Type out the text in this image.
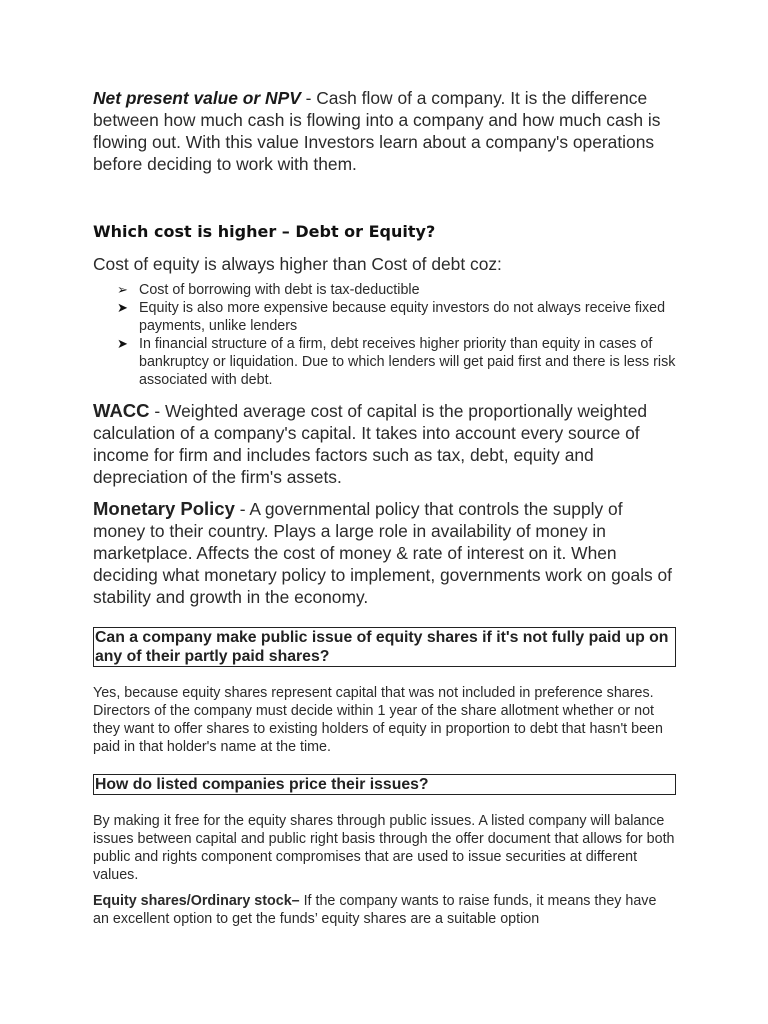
Net present value or NPV - Cash flow of a company. It is the difference between how much cash is flowing into a company and how much cash is flowing out. With this value Investors learn about a company's operations before deciding to work with them.

Which cost is higher – Debt or Equity?

Cost of equity is always higher than Cost of debt coz:

➢ Cost of borrowing with debt is tax-deductible
➤ Equity is also more expensive because equity investors do not always receive fixed payments, unlike lenders
➤ In financial structure of a firm, debt receives higher priority than equity in cases of bankruptcy or liquidation. Due to which lenders will get paid first and there is less risk associated with debt.

WACC - Weighted average cost of capital is the proportionally weighted calculation of a company's capital. It takes into account every source of income for firm and includes factors such as tax, debt, equity and depreciation of the firm's assets.

Monetary Policy - A governmental policy that controls the supply of money to their country. Plays a large role in availability of money in marketplace. Affects the cost of money & rate of interest on it. When deciding what monetary policy to implement, governments work on goals of stability and growth in the economy.

Can a company make public issue of equity shares if it's not fully paid up on any of their partly paid shares?

Yes, because equity shares represent capital that was not included in preference shares. Directors of the company must decide within 1 year of the share allotment whether or not they want to offer shares to existing holders of equity in proportion to debt that hasn't been paid in that holder's name at the time.

How do listed companies price their issues?

By making it free for the equity shares through public issues. A listed company will balance issues between capital and public right basis through the offer document that allows for both public and rights component compromises that are used to issue securities at different values.

Equity shares/Ordinary stock– If the company wants to raise funds, it means they have an excellent option to get the funds’ equity shares are a suitable option
